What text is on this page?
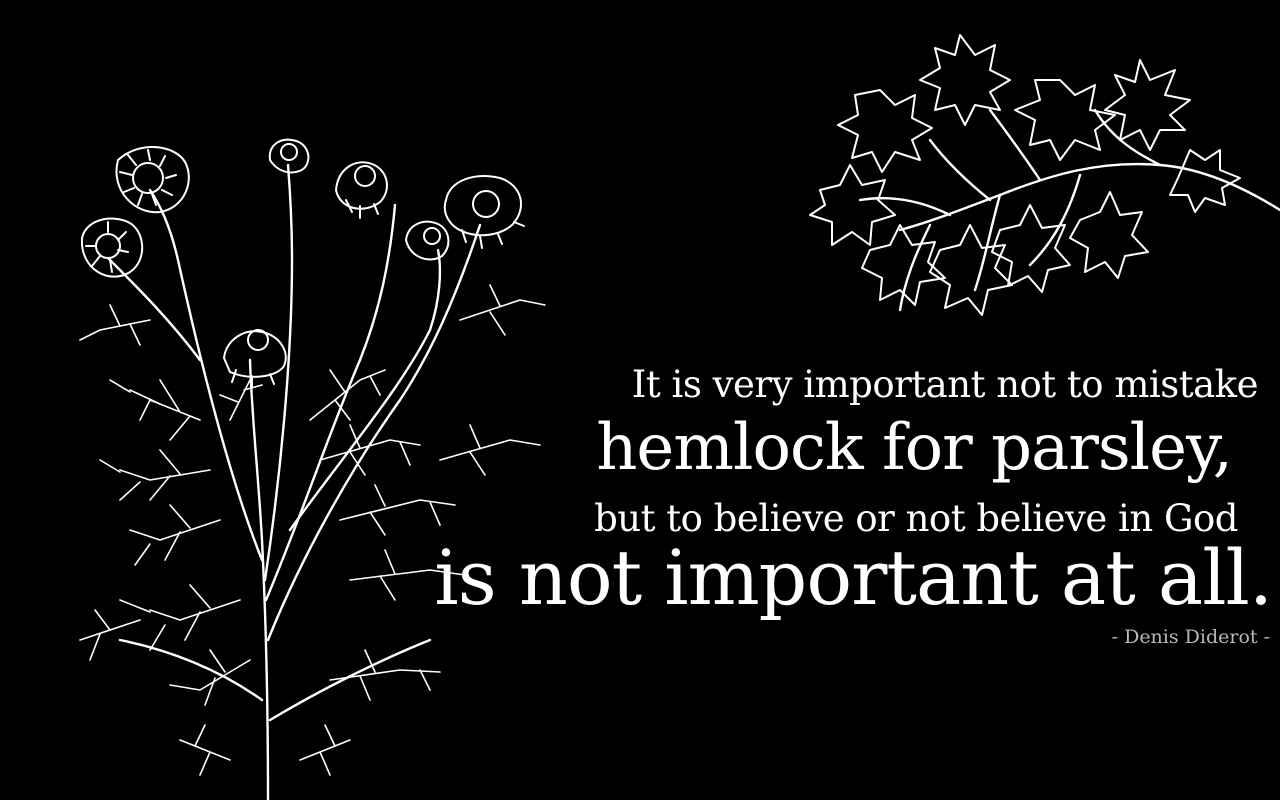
It is very important not to mistake
hemlock for parsley,
but to believe or not believe in God
is not important at all.
- Denis Diderot -
